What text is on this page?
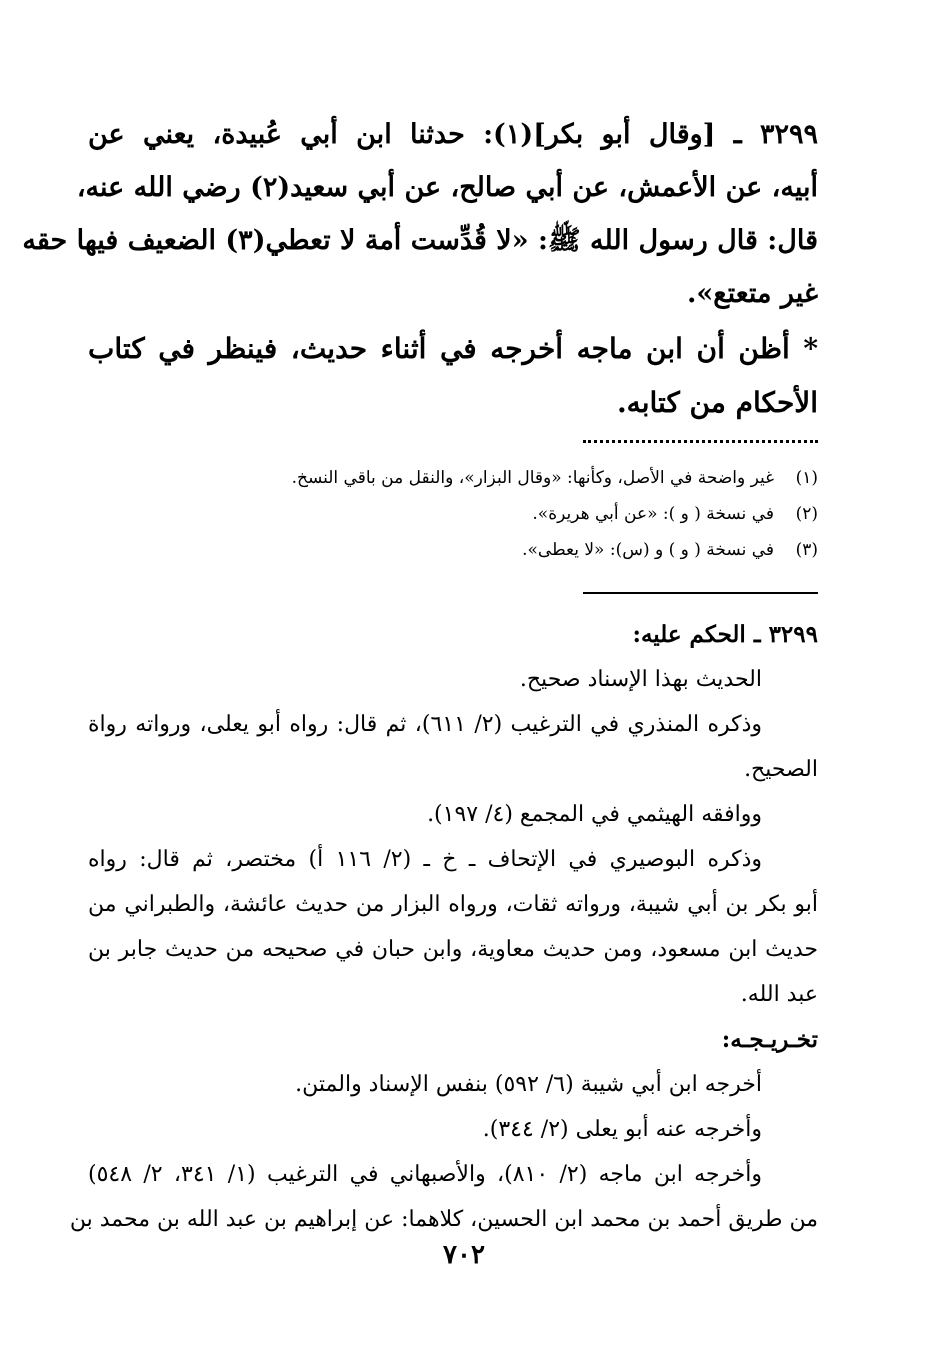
٣٢٩٩ ـ [وقال أبو بكر](١): حدثنا ابن أبي عُبيدة، يعني عن
أبيه، عن الأعمش، عن أبي صالح، عن أبي سعيد(٢) رضي الله عنه،
قال: قال رسول الله ﷺ: «لا قُدِّست أمة لا تعطي(٣) الضعيف فيها حقه
غير متعتع».
* أظن أن ابن ماجه أخرجه في أثناء حديث، فينظر في كتاب
الأحكام من كتابه.
(١)غير واضحة في الأصل، وكأنها: «وقال البزار»، والنقل من باقي النسخ.
(٢)في نسخة ( و ): «عن أبي هريرة».
(٣)في نسخة ( و ) و (س): «لا يعطى».
٣٢٩٩ ـ الحكم عليه:
الحديث بهذا الإسناد صحيح.
وذكره المنذري في الترغيب (٢/ ٦١١)، ثم قال: رواه أبو يعلى، ورواته رواة
الصحيح.
ووافقه الهيثمي في المجمع (٤/ ١٩٧).
وذكره البوصيري في الإتحاف ـ خ ـ (٢/ ١١٦ أ) مختصر، ثم قال: رواه
أبو بكر بن أبي شيبة، ورواته ثقات، ورواه البزار من حديث عائشة، والطبراني من
حديث ابن مسعود، ومن حديث معاوية، وابن حبان في صحيحه من حديث جابر بن
عبد الله.
تخـريـجـه:
أخرجه ابن أبي شيبة (٦/ ٥٩٢) بنفس الإسناد والمتن.
وأخرجه عنه أبو يعلى (٢/ ٣٤٤).
وأخرجه ابن ماجه (٢/ ٨١٠)، والأصبهاني في الترغيب (١/ ٣٤١، ٢/ ٥٤٨)
من طريق أحمد بن محمد ابن الحسين، كلاهما: عن إبراهيم بن عبد الله بن محمد بن
٧٠٢
